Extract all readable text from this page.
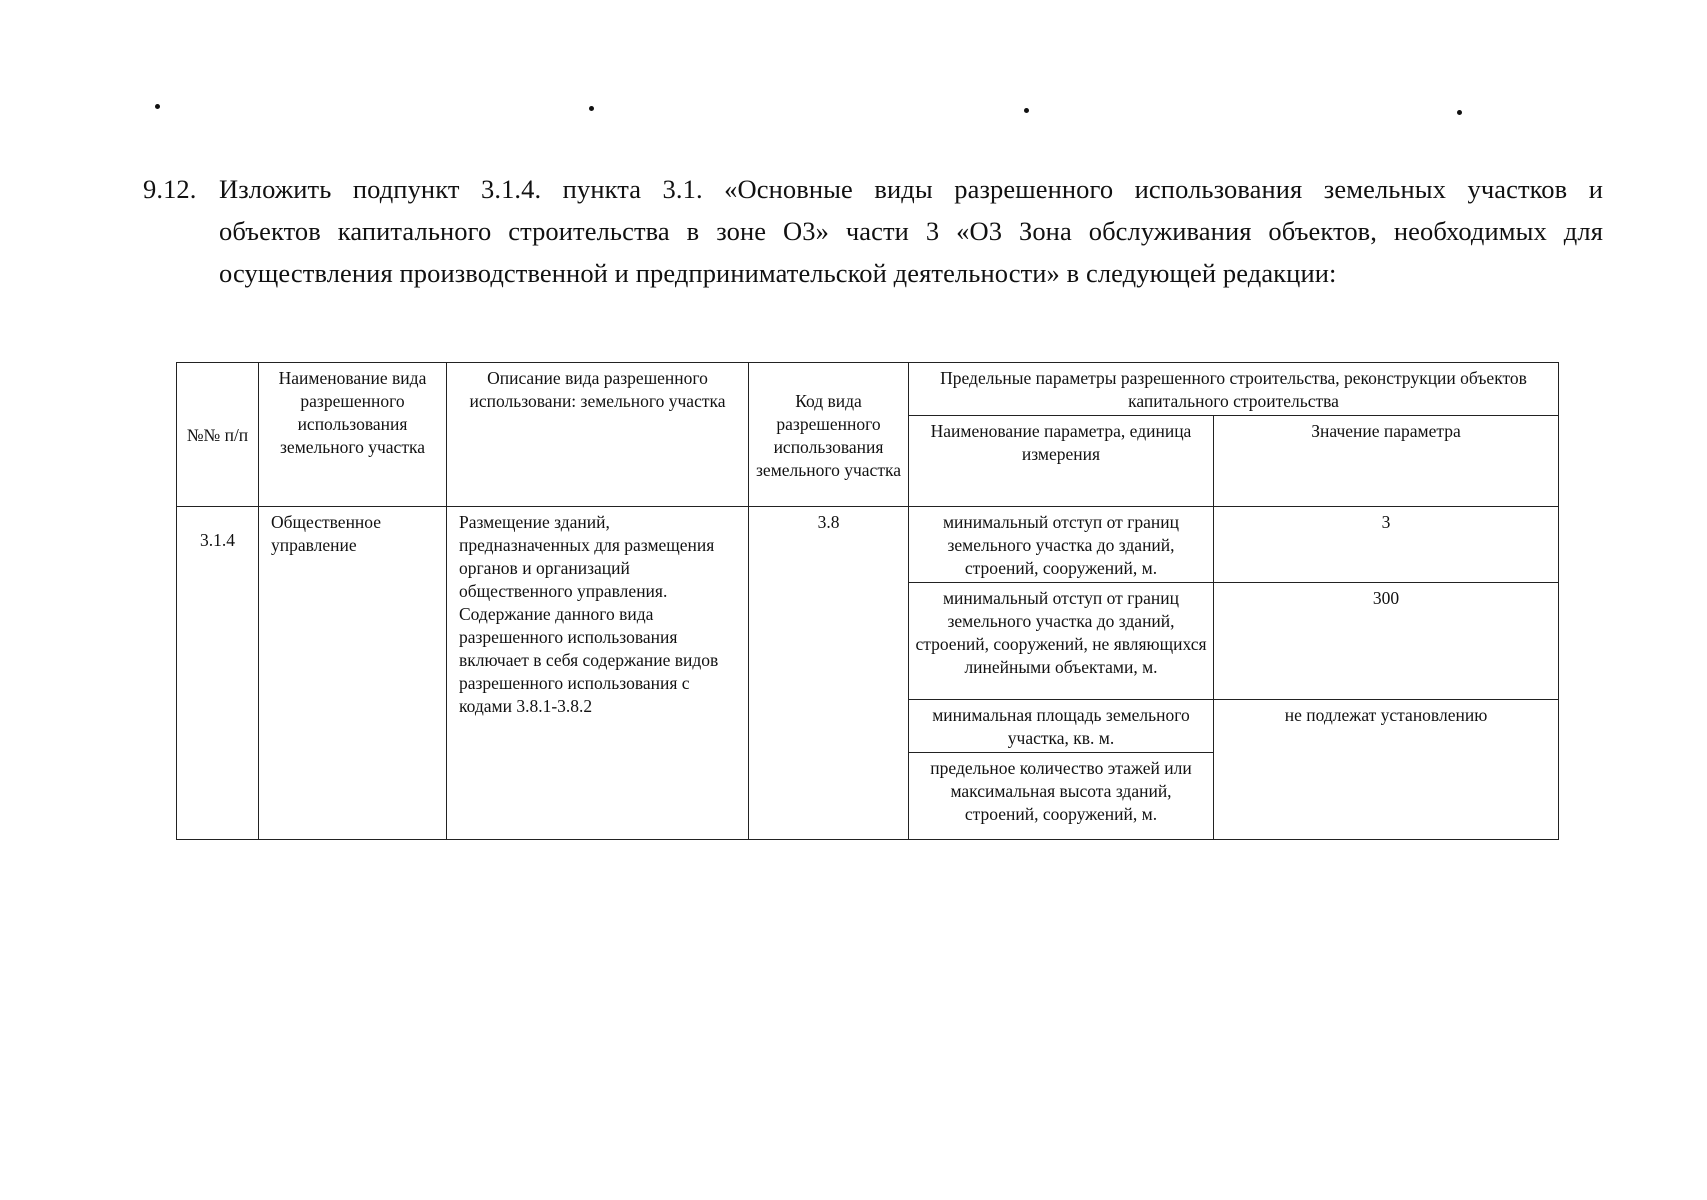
9.12. Изложить подпункт 3.1.4. пункта 3.1. «Основные виды разрешенного использования земельных участков и
объектов капитального строительства в зоне О3» части 3 «О3 Зона обслуживания объектов, необходимых для
осуществления производственной и предпринимательской деятельности» в следующей редакции:
№№ п/п	Наименование вида разрешенного использования земельного участка	Описание вида разрешенного использовани: земельного участка	Код вида разрешенного использования земельного участка	Предельные параметры разрешенного строительства, реконструкции объектов капитального строительства	
				Наименование параметра, единица измерения	Значение параметра
3.1.4	Общественное управление	Размещение зданий, предназначенных для размещения органов и организаций общественного управления. Содержание данного вида разрешенного использования включает в себя содержание видов разрешенного использования с кодами 3.8.1-3.8.2	3.8	минимальный отступ от границ земельного участка до зданий, строений, сооружений, м.	3
				минимальный отступ от границ земельного участка до зданий, строений, сооружений, не являющихся линейными объектами, м.	300
				минимальная площадь земельного участка, кв. м.	не подлежат установлению
				предельное количество этажей или максимальная высота зданий, строений, сооружений, м.	
